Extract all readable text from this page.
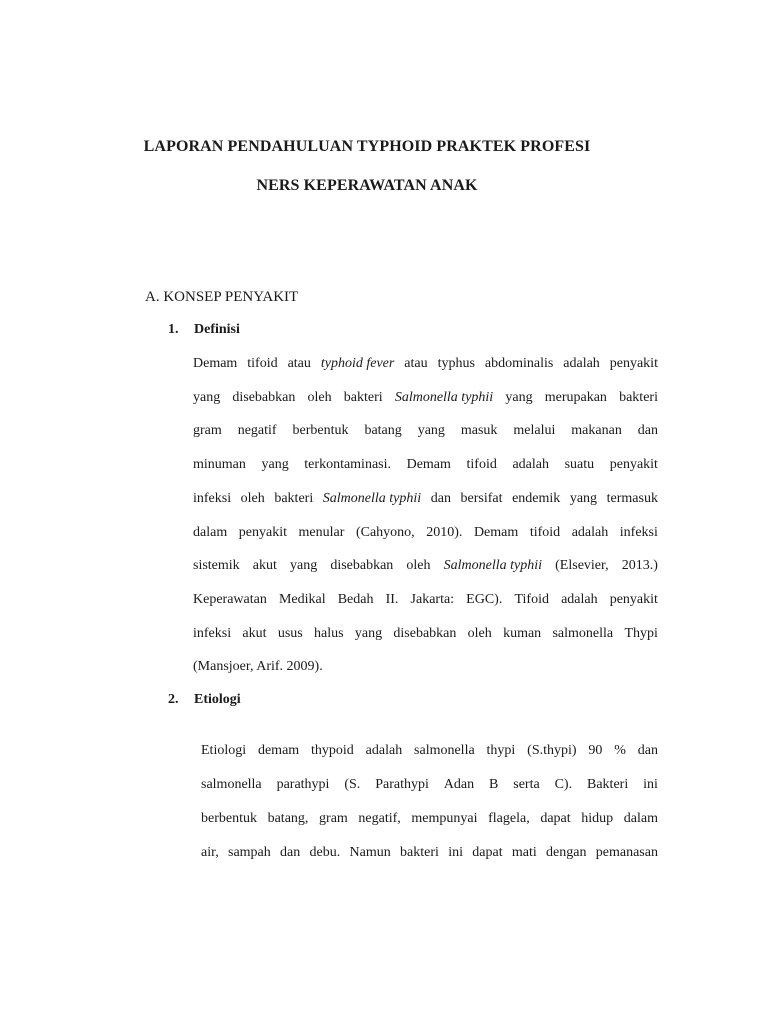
LAPORAN PENDAHULUAN TYPHOID PRAKTEK PROFESI
NERS KEPERAWATAN ANAK
A. KONSEP PENYAKIT
1. Definisi
Demam tifoid atau typhoid fever atau typhus abdominalis adalah penyakit
yang disebabkan oleh bakteri Salmonella typhii yang merupakan bakteri
gram negatif berbentuk batang yang masuk melalui makanan dan
minuman yang terkontaminasi. Demam tifoid adalah suatu penyakit
infeksi oleh bakteri Salmonella typhii dan bersifat endemik yang termasuk
dalam penyakit menular (Cahyono, 2010). Demam tifoid adalah infeksi
sistemik akut yang disebabkan oleh Salmonella typhii (Elsevier, 2013.)
Keperawatan Medikal Bedah II. Jakarta: EGC). Tifoid adalah penyakit
infeksi akut usus halus yang disebabkan oleh kuman salmonella Thypi
(Mansjoer, Arif. 2009).
2. Etiologi
Etiologi demam thypoid adalah salmonella thypi (S.thypi) 90 % dan
salmonella parathypi (S. Parathypi Adan B serta C). Bakteri ini
berbentuk batang, gram negatif, mempunyai flagela, dapat hidup dalam
air, sampah dan debu. Namun bakteri ini dapat mati dengan pemanasan
